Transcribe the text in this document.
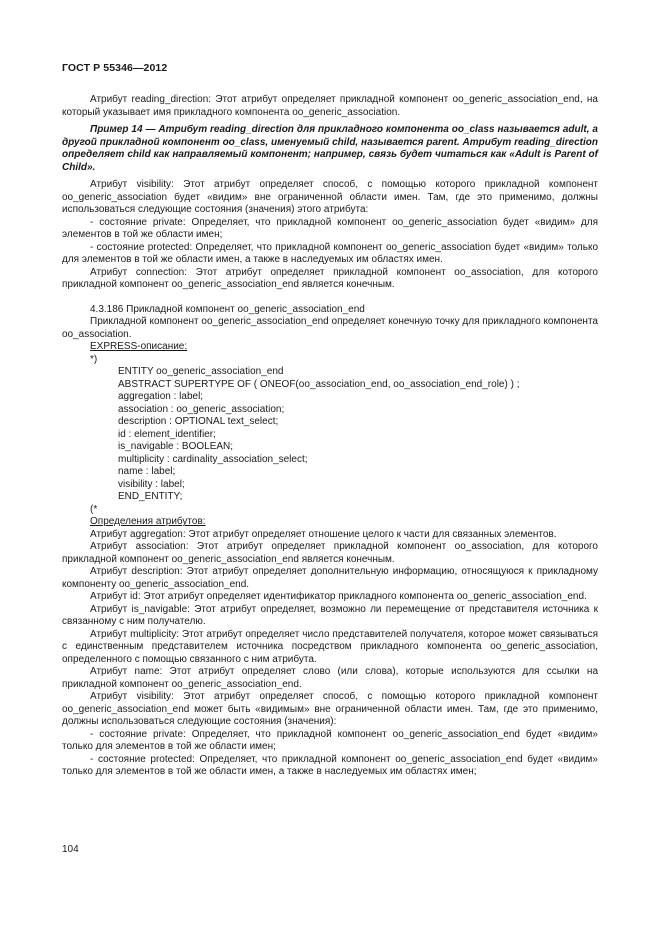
ГОСТ Р 55346—2012

Атрибут reading_direction: Этот атрибут определяет прикладной компонент oo_generic_association_end, на который указывает имя прикладного компонента oo_generic_association.

Пример 14 — Атрибут reading_direction для прикладного компонента oo_class называется adult, а другой прикладной компонент oo_class, именуемый child, называется parent. Атрибут reading_direction определяет child как направляемый компонент; например, связь будет читаться как «Adult is Parent of Child».

Атрибут visibility: Этот атрибут определяет способ, с помощью которого прикладной компонент oo_generic_association будет «видим» вне ограниченной области имен. Там, где это применимо, должны использоваться следующие состояния (значения) этого атрибута:

- состояние private: Определяет, что прикладной компонент oo_generic_association будет «видим» для элементов в той же области имен;

- состояние protected: Определяет, что прикладной компонент oo_generic_association будет «видим» только для элементов в той же области имен, а также в наследуемых им областях имен.

Атрибут connection: Этот атрибут определяет прикладной компонент oo_association, для которого прикладной компонент oo_generic_association_end является конечным.

4.3.186 Прикладной компонент oo_generic_association_end

Прикладной компонент oo_generic_association_end определяет конечную точку для прикладного компонента oo_association.

EXPRESS-описание:

*)

ENTITY oo_generic_association_end

ABSTRACT SUPERTYPE OF ( ONEOF(oo_association_end, oo_association_end_role) ) ;

aggregation : label;

association : oo_generic_association;

description : OPTIONAL text_select;

id : element_identifier;

is_navigable : BOOLEAN;

multiplicity : cardinality_association_select;

name : label;

visibility : label;

END_ENTITY;

(*

Определения атрибутов:

Атрибут aggregation: Этот атрибут определяет отношение целого к части для связанных элементов.

Атрибут association: Этот атрибут определяет прикладной компонент oo_association, для которого прикладной компонент oo_generic_association_end является конечным.

Атрибут description: Этот атрибут определяет дополнительную информацию, относящуюся к прикладному компоненту oo_generic_association_end.

Атрибут id: Этот атрибут определяет идентификатор прикладного компонента oo_generic_association_end.

Атрибут is_navigable: Этот атрибут определяет, возможно ли перемещение от представителя источника к связанному с ним получателю.

Атрибут multiplicity: Этот атрибут определяет число представителей получателя, которое может связываться с единственным представителем источника посредством прикладного компонента oo_generic_association, определенного с помощью связанного с ним атрибута.

Атрибут name: Этот атрибут определяет слово (или слова), которые используются для ссылки на прикладной компонент oo_generic_association_end.

Атрибут visibility: Этот атрибут определяет способ, с помощью которого прикладной компонент oo_generic_association_end может быть «видимым» вне ограниченной области имен. Там, где это применимо, должны использоваться следующие состояния (значения):

- состояние private: Определяет, что прикладной компонент oo_generic_association_end будет «видим» только для элементов в той же области имен;

- состояние protected: Определяет, что прикладной компонент oo_generic_association_end будет «видим» только для элементов в той же области имен, а также в наследуемых им областях имен;

104
